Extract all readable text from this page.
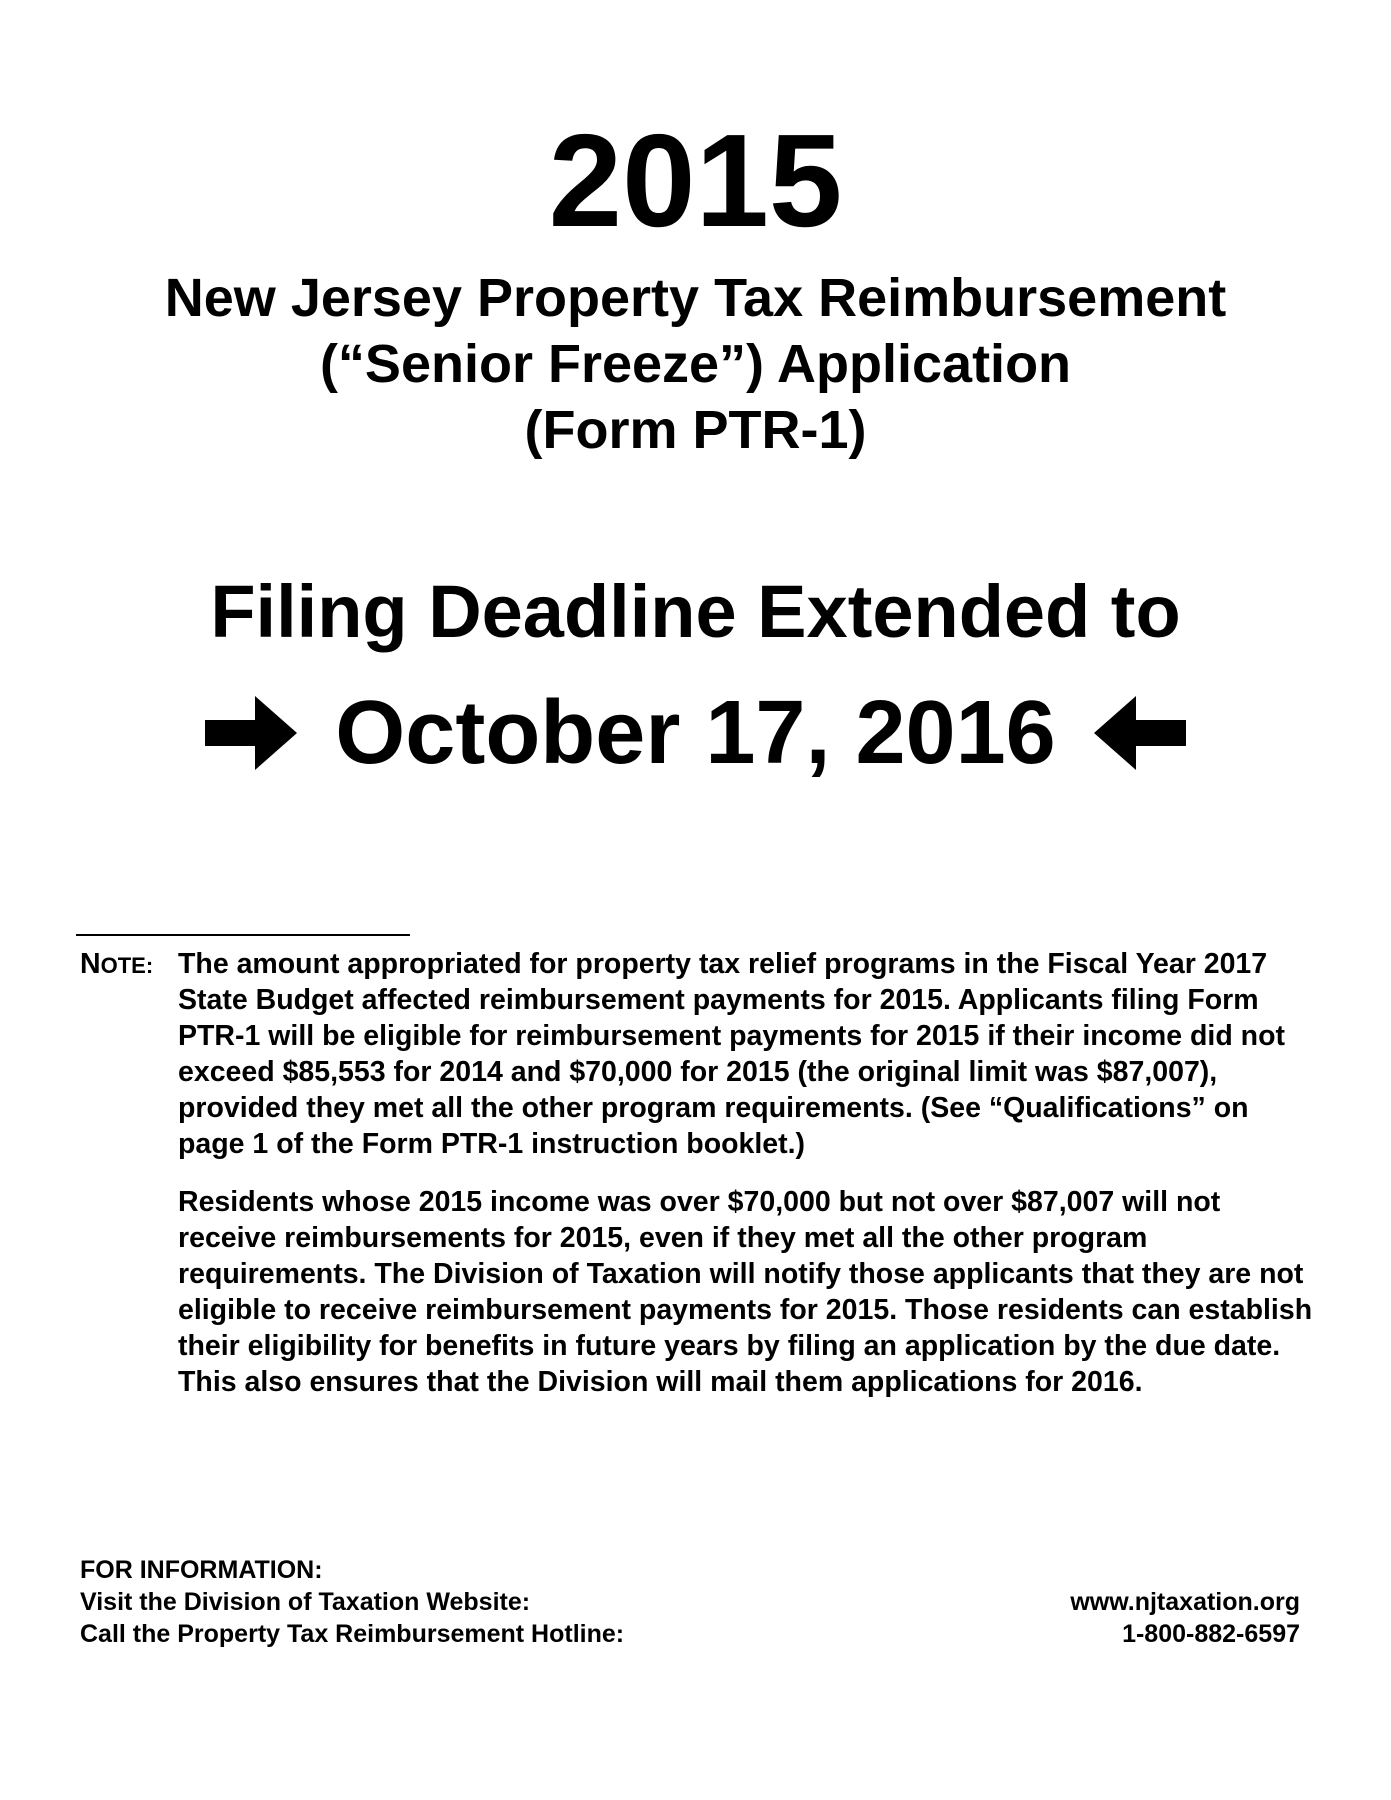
2015
New Jersey Property Tax Reimbursement
(“Senior Freeze”) Application
(Form PTR-1)
Filing Deadline Extended to
October 17, 2016
NOTE: The amount appropriated for property tax relief programs in the Fiscal Year 2017 State Budget affected reimbursement payments for 2015. Applicants filing Form PTR-1 will be eligible for reimbursement payments for 2015 if their income did not exceed $85,553 for 2014 and $70,000 for 2015 (the original limit was $87,007), provided they met all the other program requirements. (See “Qualifications” on page 1 of the Form PTR-1 instruction booklet.)

Residents whose 2015 income was over $70,000 but not over $87,007 will not receive reimbursements for 2015, even if they met all the other program requirements. The Division of Taxation will notify those applicants that they are not eligible to receive reimbursement payments for 2015. Those residents can establish their eligibility for benefits in future years by filing an application by the due date. This also ensures that the Division will mail them applications for 2016.

FOR INFORMATION:
Visit the Division of Taxation Website:	www.njtaxation.org
Call the Property Tax Reimbursement Hotline:	1-800-882-6597
